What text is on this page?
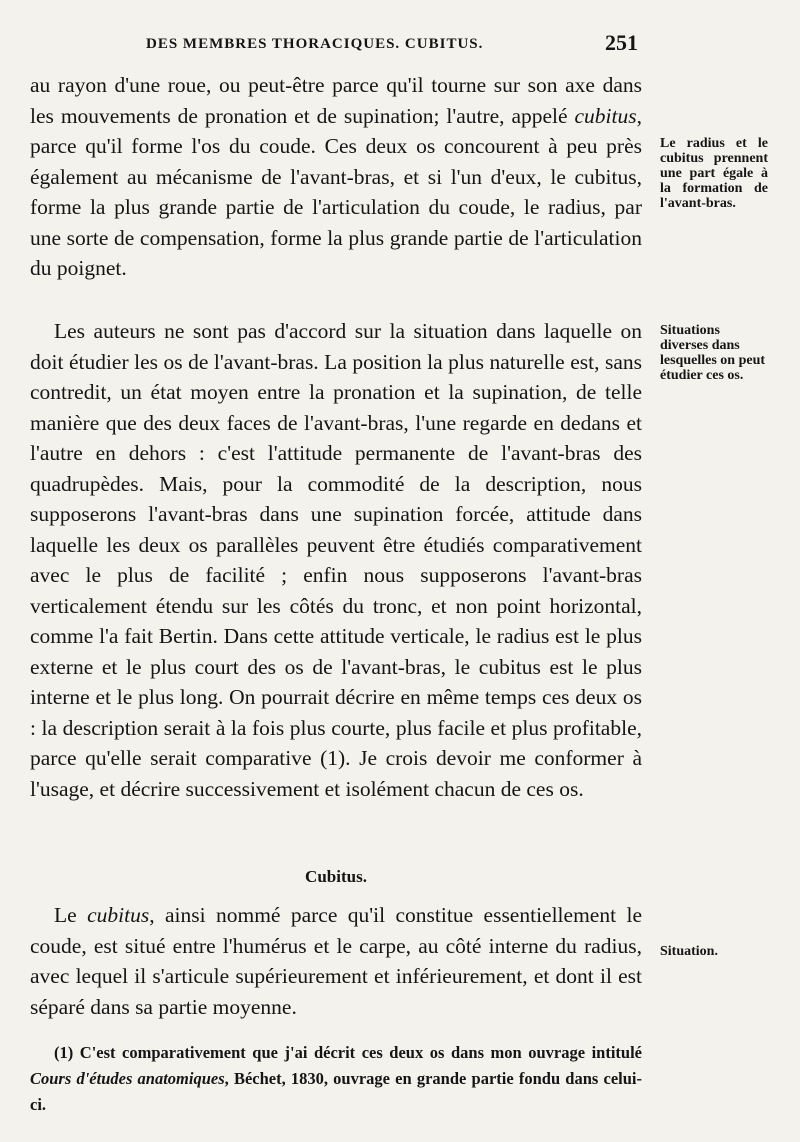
DES MEMBRES THORACIQUES. CUBITUS.	251

au rayon d'une roue, ou peut-être parce qu'il tourne sur son axe dans les mouvements de pronation et de supination; l'autre, appelé cubitus, parce qu'il forme l'os du coude. Ces deux os concourent à peu près également au mécanisme de l'avant-bras, et si l'un d'eux, le cubitus, forme la plus grande partie de l'articulation du coude, le radius, par une sorte de compensation, forme la plus grande partie de l'articulation du poignet.

Les auteurs ne sont pas d'accord sur la situation dans laquelle on doit étudier les os de l'avant-bras. La position la plus naturelle est, sans contredit, un état moyen entre la pronation et la supination, de telle manière que des deux faces de l'avant-bras, l'une regarde en dedans et l'autre en dehors : c'est l'attitude permanente de l'avant-bras des quadrupèdes. Mais, pour la commodité de la description, nous supposerons l'avant-bras dans une supination forcée, attitude dans laquelle les deux os parallèles peuvent être étudiés comparativement avec le plus de facilité ; enfin nous supposerons l'avant-bras verticalement étendu sur les côtés du tronc, et non point horizontal, comme l'a fait Bertin. Dans cette attitude verticale, le radius est le plus externe et le plus court des os de l'avant-bras, le cubitus est le plus interne et le plus long. On pourrait décrire en même temps ces deux os : la description serait à la fois plus courte, plus facile et plus profitable, parce qu'elle serait comparative (1). Je crois devoir me conformer à l'usage, et décrire successivement et isolément chacun de ces os.

Cubitus.

Le cubitus, ainsi nommé parce qu'il constitue essentiellement le coude, est situé entre l'humérus et le carpe, au côté interne du radius, avec lequel il s'articule supérieurement et inférieurement, et dont il est séparé dans sa partie moyenne.

(1) C'est comparativement que j'ai décrit ces deux os dans mon ouvrage intitulé Cours d'études anatomiques, Béchet, 1830, ouvrage en grande partie fondu dans celui-ci.

Le radius et le cubitus prennent une part égale à la formation de l'avant-bras.
Situations diverses dans lesquelles on peut étudier ces os.
Situation.
